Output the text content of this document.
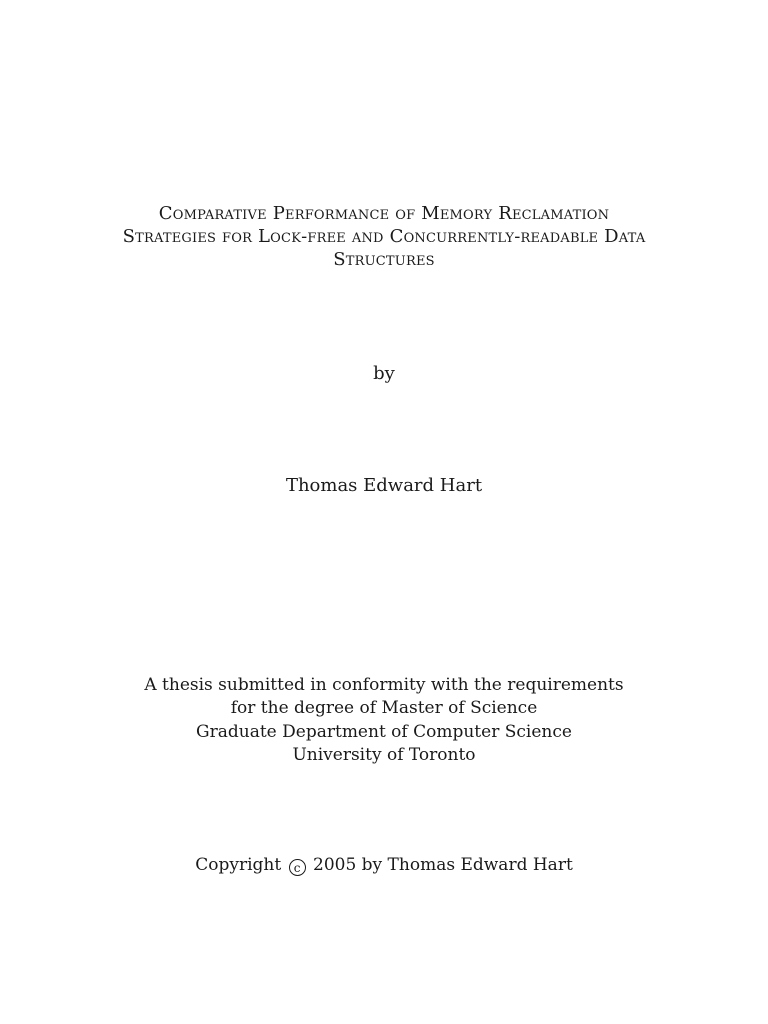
Comparative Performance of Memory Reclamation
Strategies for Lock-free and Concurrently-readable Data
Structures
by
Thomas Edward Hart
A thesis submitted in conformity with the requirements
for the degree of Master of Science
Graduate Department of Computer Science
University of Toronto
Copyright c 2005 by Thomas Edward Hart
